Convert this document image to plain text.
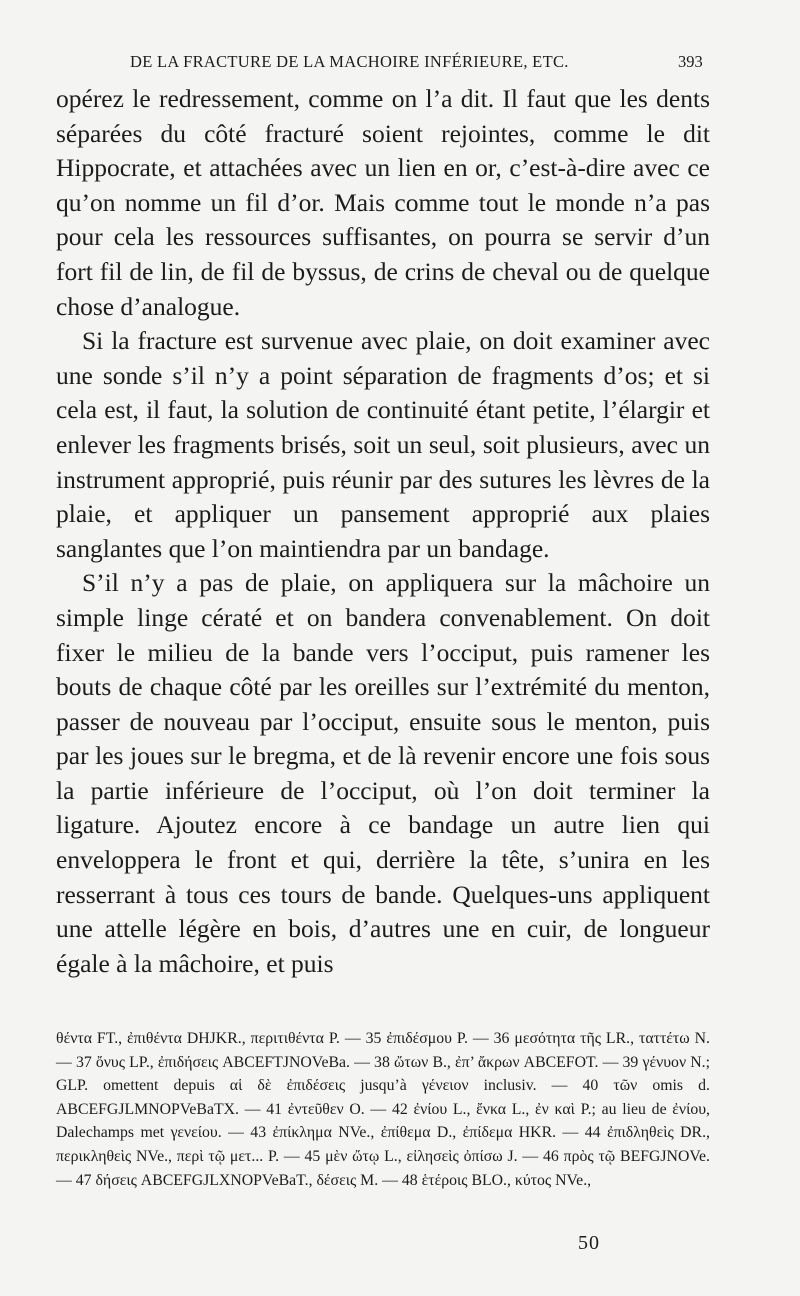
DE LA FRACTURE DE LA MACHOIRE INFÉRIEURE, ETC.	393

opérez le redressement, comme on l’a dit. Il faut que les dents séparées du côté fracturé soient rejointes, comme le dit Hippocrate, et attachées avec un lien en or, c’est-à-dire avec ce qu’on nomme un fil d’or. Mais comme tout le monde n’a pas pour cela les ressources suffisantes, on pourra se servir d’un fort fil de lin, de fil de byssus, de crins de cheval ou de quelque chose d’analogue.

Si la fracture est survenue avec plaie, on doit examiner avec une sonde s’il n’y a point séparation de fragments d’os; et si cela est, il faut, la solution de continuité étant petite, l’élargir et enlever les fragments brisés, soit un seul, soit plusieurs, avec un instrument approprié, puis réunir par des sutures les lèvres de la plaie, et appliquer un pansement approprié aux plaies sanglantes que l’on maintiendra par un bandage.

S’il n’y a pas de plaie, on appliquera sur la mâchoire un simple linge cératé et on bandera convenablement. On doit fixer le milieu de la bande vers l’occiput, puis ramener les bouts de chaque côté par les oreilles sur l’extrémité du menton, passer de nouveau par l’occiput, ensuite sous le menton, puis par les joues sur le bregma, et de là revenir encore une fois sous la partie inférieure de l’occiput, où l’on doit terminer la ligature. Ajoutez encore à ce bandage un autre lien qui enveloppera le front et qui, derrière la tête, s’unira en les resserrant à tous ces tours de bande. Quelques-uns appliquent une attelle légère en bois, d’autres une en cuir, de longueur égale à la mâchoire, et puis

θέντα FT., ἐπιθέντα DHJKR., περιτιθέντα P. — 35 ἐπιδέσμου P. — 36 μεσότητα τῆς LR., ταττέτω N. — 37 ὄνυς LP., ἐπιδήσεις ABCEFTJNOVeBa. — 38 ὤτων B., ἐπ’ ἄκρων ABCEFOT. — 39 γένυον N.; GLP. omettent depuis αἱ δὲ ἐπιδέσεις jusqu’à γένειον inclusiv. — 40 τῶν omis d. ABCEFGJLMNOPVeBaTX. — 41 ἐντεῦθεν O. — 42 ἐνίου L., ἔνκα L., ἐν καὶ P.; au lieu de ἐνίου, Dalechamps met γενείου. — 43 ἐπίκλημα NVe., ἐπίθεμα D., ἐπίδεμα HKR. — 44 ἐπιδληθεὶς DR., περικληθεὶς NVe., περὶ τῷ μετ... P. — 45 μὲν ὤτῳ L., εἰλησεὶς ὀπίσω J. — 46 πρὸς τῷ BEFGJNOVe. — 47 δήσεις ABCEFGJLXNOPVeBaT., δέσεις M. — 48 ἑτέροις BLO., κύτος NVe.,

50
